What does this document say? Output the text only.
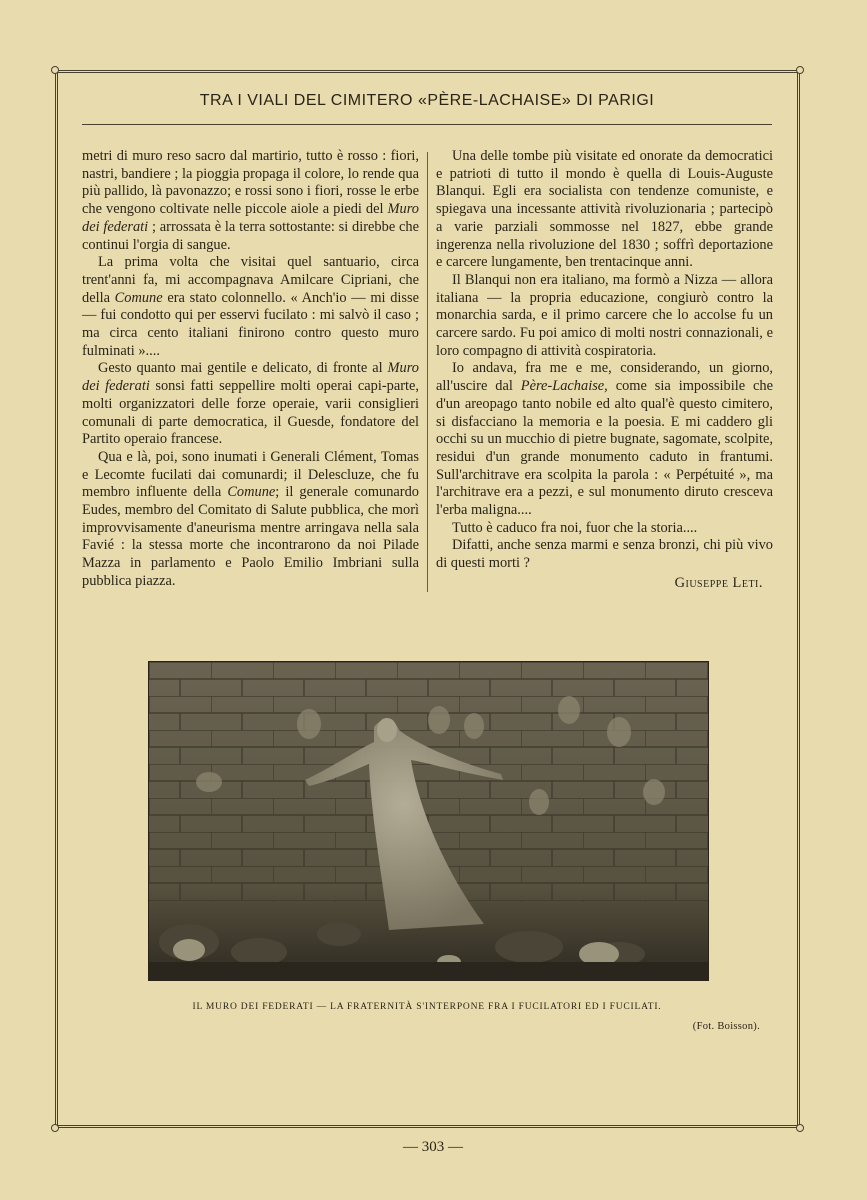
TRA I VIALI DEL CIMITERO «PÈRE-LACHAISE» DI PARIGI

metri di muro reso sacro dal martirio, tutto è rosso : fiori, nastri, bandiere ; la pioggia propaga il colore, lo rende qua più pallido, là pavonazzo; e rossi sono i fiori, rosse le erbe che vengono coltivate nelle piccole aiole a piedi del Muro dei federati ; arrossata è la terra sottostante: si direbbe che continui l'orgia di sangue.

La prima volta che visitai quel santuario, circa trent'anni fa, mi accompagnava Amilcare Cipriani, che della Comune era stato colonnello. « Anch'io — mi disse — fui condotto qui per esservi fucilato : mi salvò il caso ; ma circa cento italiani finirono contro questo muro fulminati »....

Gesto quanto mai gentile e delicato, di fronte al Muro dei federati sonsi fatti seppellire molti operai capi-parte, molti organizzatori delle forze operaie, varii consiglieri comunali di parte democratica, il Guesde, fondatore del Partito operaio francese.

Qua e là, poi, sono inumati i Generali Clément, Tomas e Lecomte fucilati dai comunardi; il Delescluze, che fu membro influente della Comune; il generale comunardo Eudes, membro del Comitato di Salute pubblica, che morì improvvisamente d'aneurisma mentre arringava nella sala Favié : la stessa morte che incontrarono da noi Pilade Mazza in parlamento e Paolo Emilio Imbriani sulla pubblica piazza.

Una delle tombe più visitate ed onorate da democratici e patrioti di tutto il mondo è quella di Louis-Auguste Blanqui. Egli era socialista con tendenze comuniste, e spiegava una incessante attività rivoluzionaria ; partecipò a varie parziali sommosse nel 1827, ebbe grande ingerenza nella rivoluzione del 1830 ; soffrì deportazione e carcere lungamente, ben trentacinque anni.

Il Blanqui non era italiano, ma formò a Nizza — allora italiana — la propria educazione, congiurò contro la monarchia sarda, e il primo carcere che lo accolse fu un carcere sardo. Fu poi amico di molti nostri connazionali, e loro compagno di attività cospiratoria.

Io andava, fra me e me, considerando, un giorno, all'uscire dal Père-Lachaise, come sia impossibile che d'un areopago tanto nobile ed alto qual'è questo cimitero, si disfacciano la memoria e la poesia. E mi caddero gli occhi su un mucchio di pietre bugnate, sagomate, scolpite, residui d'un grande monumento caduto in frantumi. Sull'architrave era scolpita la parola : « Perpétuité », ma l'architrave era a pezzi, e sul monumento diruto cresceva l'erba maligna....

Tutto è caduco fra noi, fuor che la storia....

Difatti, anche senza marmi e senza bronzi, chi più vivo di questi morti ?

Giuseppe Leti.
IL MURO DEI FEDERATI — LA FRATERNITÀ S'INTERPONE FRA I FUCILATORI ED I FUCILATI.
(Fot. Boisson).
— 303 —
